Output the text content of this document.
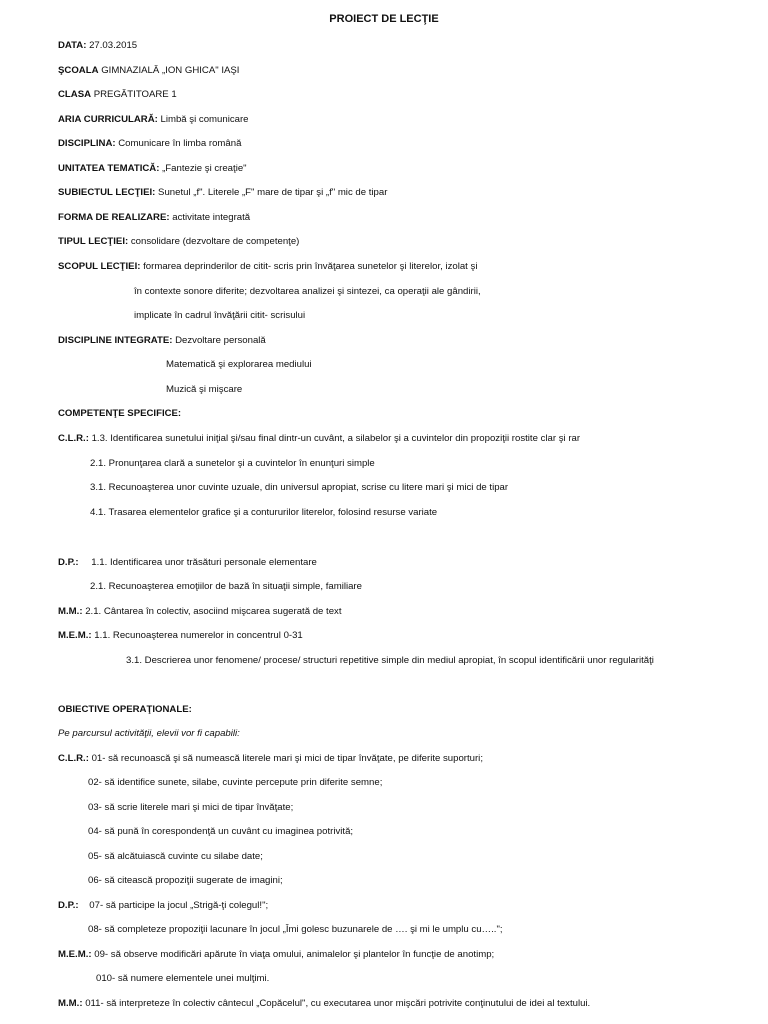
PROIECT DE LECŢIE
DATA: 27.03.2015
ŞCOALA GIMNAZIALĂ „ION GHICA" IAŞI
CLASA PREGĂTITOARE 1
ARIA CURRICULARĂ: Limbă şi comunicare
DISCIPLINA: Comunicare în limba română
UNITATEA TEMATICĂ: „Fantezie şi creaţie"
SUBIECTUL LECŢIEI: Sunetul „f". Literele „F" mare de tipar şi „f" mic de tipar
FORMA DE REALIZARE: activitate integrată
TIPUL LECŢIEI: consolidare (dezvoltare de competenţe)
SCOPUL LECŢIEI: formarea deprinderilor de citit- scris prin învăţarea sunetelor şi literelor, izolat şi
în contexte sonore diferite; dezvoltarea analizei şi sintezei, ca operaţii ale gândirii,
implicate în cadrul învăţării citit- scrisului
DISCIPLINE INTEGRATE: Dezvoltare personală
Matematică şi explorarea mediului
Muzică şi mişcare
COMPETENŢE SPECIFICE:
C.L.R.: 1.3. Identificarea sunetului iniţial şi/sau final dintr-un cuvânt, a silabelor şi a cuvintelor din propoziţii rostite clar şi rar
2.1. Pronunţarea clară a sunetelor şi a cuvintelor în enunţuri simple
3.1. Recunoaşterea unor cuvinte uzuale, din universul apropiat, scrise cu litere mari şi mici de tipar
4.1. Trasarea elementelor grafice şi a contururilor literelor, folosind resurse variate
D.P.: 1.1. Identificarea unor trăsături personale elementare
2.1. Recunoaşterea emoţiilor de bază în situaţii simple, familiare
M.M.: 2.1. Cântarea în colectiv, asociind mişcarea sugerată de text
M.E.M.: 1.1. Recunoaşterea numerelor in concentrul 0-31
3.1. Descrierea unor fenomene/ procese/ structuri repetitive simple din mediul apropiat, în scopul identificării unor regularităţi
OBIECTIVE OPERAŢIONALE:
Pe parcursul activităţii, elevii vor fi capabili:
C.L.R.: 01- să recunoască şi să numească literele mari şi mici de tipar învăţate, pe diferite suporturi;
02- să identifice sunete, silabe, cuvinte percepute prin diferite semne;
03- să scrie literele mari şi mici de tipar învăţate;
04- să pună în corespondenţă un cuvânt cu imaginea potrivită;
05- să alcătuiască cuvinte cu silabe date;
06- să citească propoziţii sugerate de imagini;
D.P.: 07- să participe la jocul „Strigă-ţi colegul!";
08- să completeze propoziţii lacunare în jocul „Îmi golesc buzunarele de …. şi mi le umplu cu…..";
M.E.M.: 09- să observe modificări apărute în viaţa omului, animalelor şi plantelor în funcţie de anotimp;
010- să numere elementele unei mulţimi.
M.M.: 011- să interpreteze în colectiv cântecul „Copăcelul", cu executarea unor mişcări potrivite conţinutului de idei al textului.
